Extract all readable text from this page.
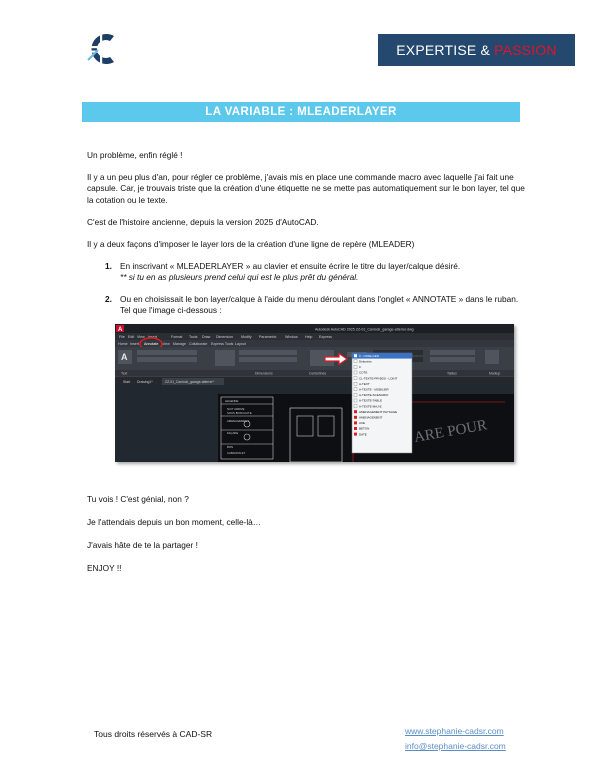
EXPERTISE & PASSION
LA VARIABLE : MLEADERLAYER

Un problème, enfin réglé !

Il y a un peu plus d'an, pour régler ce problème, j'avais mis en place une commande macro avec laquelle j'ai fait une capsule. Car, je trouvais triste que la création d'une étiquette ne se mette pas automatiquement sur le bon layer, tel que la cotation ou le texte.

C'est de l'histoire ancienne, depuis la version 2025 d'AutoCAD.

Il y a deux façons d'imposer le layer lors de la création d'une ligne de repère (MLEADER)

1. En inscrivant « MLEADERLAYER » au clavier et ensuite écrire le titre du layer/calque désiré.
** si tu en as plusieurs prend celui qui est le plus prêt du général.
2. Ou en choisissait le bon layer/calque à l'aide du menu déroulant dans l'onglet « ANNOTATE » dans le ruban. Tel que l'image ci-dessous :
A	Autodesk AutoCAD 2025 ZZ-01_Canlock_garage-atterrer.dwg
File Edit View Insert	Format Tools Draw Dimension Modify Parametric Window Help Express
Home Insert Annotate View Manage Collaborate Express Tools Layout
A
Text	Dimensions	Centerlines	Tables	Markup
Start Drawing1*	ZZ-01_Canlock_garage-atterrer*
LEGENDE
NUIT ARRIVE
SOUS BON FAUTE
AMENAGEMENT
FAÇADE
BON
CABANON ET
ARE POUR
0 - CSSE-GEN
Defpoints
0
COTE
CL-TEXTE-PR-BDS - LOINT
A-TEXT
A-TEXTE - MOBILIER
A-TEXTE-SCENARIO
A-TEXTE-TABLE
A-TEXTE-MAJ-E
AMENAGEMENT PAYSAGE
AMENAGEMENT
AXE
BETON
DATE

Tu vois ! C'est génial, non ?

Je l'attendais depuis un bon moment, celle-là…

J'avais hâte de te la partager !

ENJOY !!

Tous droits réservés à CAD-SR	www.stephanie-cadsr.com
info@stephanie-cadsr.com
